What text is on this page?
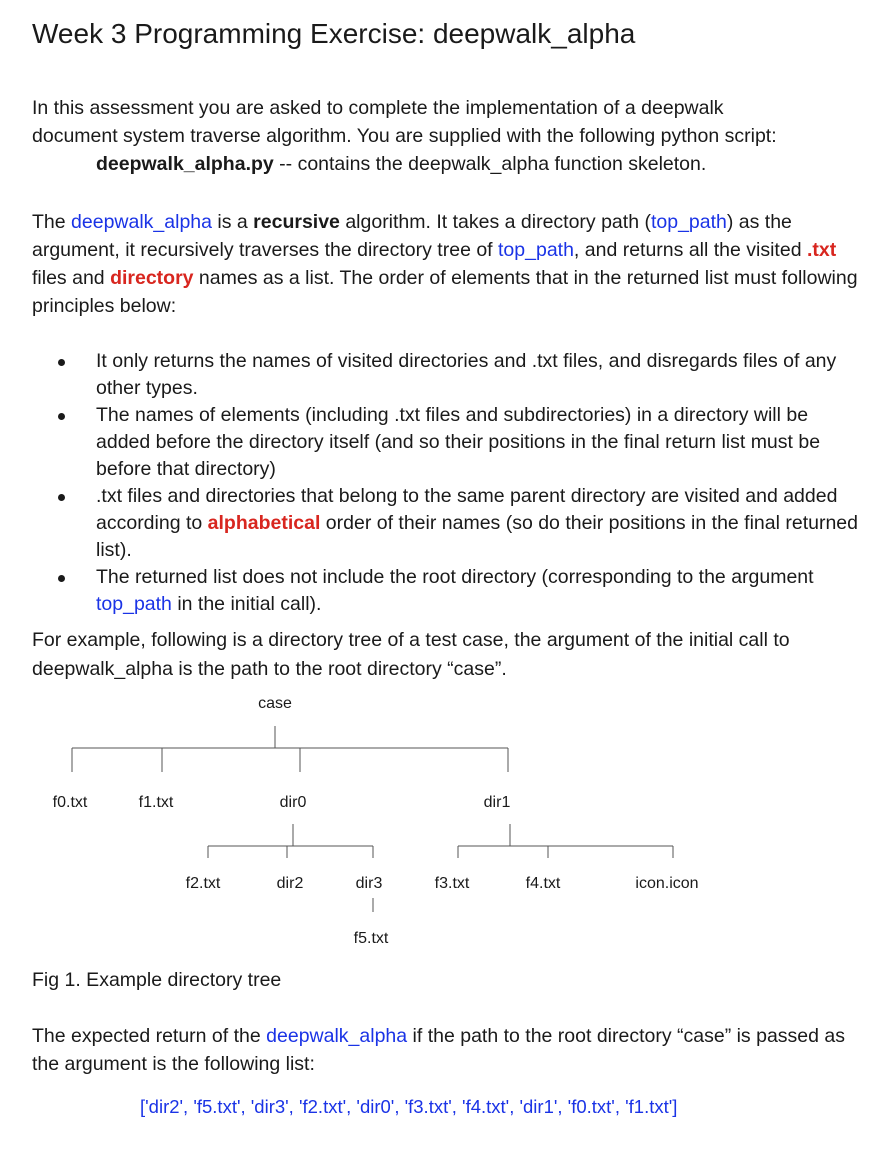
Week 3 Programming Exercise: deepwalk_alpha
In this assessment you are asked to complete the implementation of a deepwalk
document system traverse algorithm. You are supplied with the following python script:
deepwalk_alpha.py -- contains the deepwalk_alpha function skeleton.
The deepwalk_alpha is a recursive algorithm. It takes a directory path (top_path) as the argument, it recursively traverses the directory tree of top_path, and returns all the visited .txt files and directory names as a list. The order of elements that in the returned list must following principles below:
It only returns the names of visited directories and .txt files, and disregards files of any other types.
The names of elements (including .txt files and subdirectories) in a directory will be added before the directory itself (and so their positions in the final return list must be before that directory)
.txt files and directories that belong to the same parent directory are visited and added according to alphabetical order of their names (so do their positions in the final returned list).
The returned list does not include the root directory (corresponding to the argument top_path in the initial call).
For example, following is a directory tree of a test case, the argument of the initial call to deepwalk_alpha is the path to the root directory “case”.
case
f0.txt	f1.txt	dir0	dir1
f2.txt	dir2	dir3	f3.txt	f4.txt	icon.icon
f5.txt
Fig 1. Example directory tree
The expected return of the deepwalk_alpha if the path to the root directory “case” is passed as the argument is the following list:
['dir2', 'f5.txt', 'dir3', 'f2.txt', 'dir0', 'f3.txt', 'f4.txt', 'dir1', 'f0.txt', 'f1.txt']
